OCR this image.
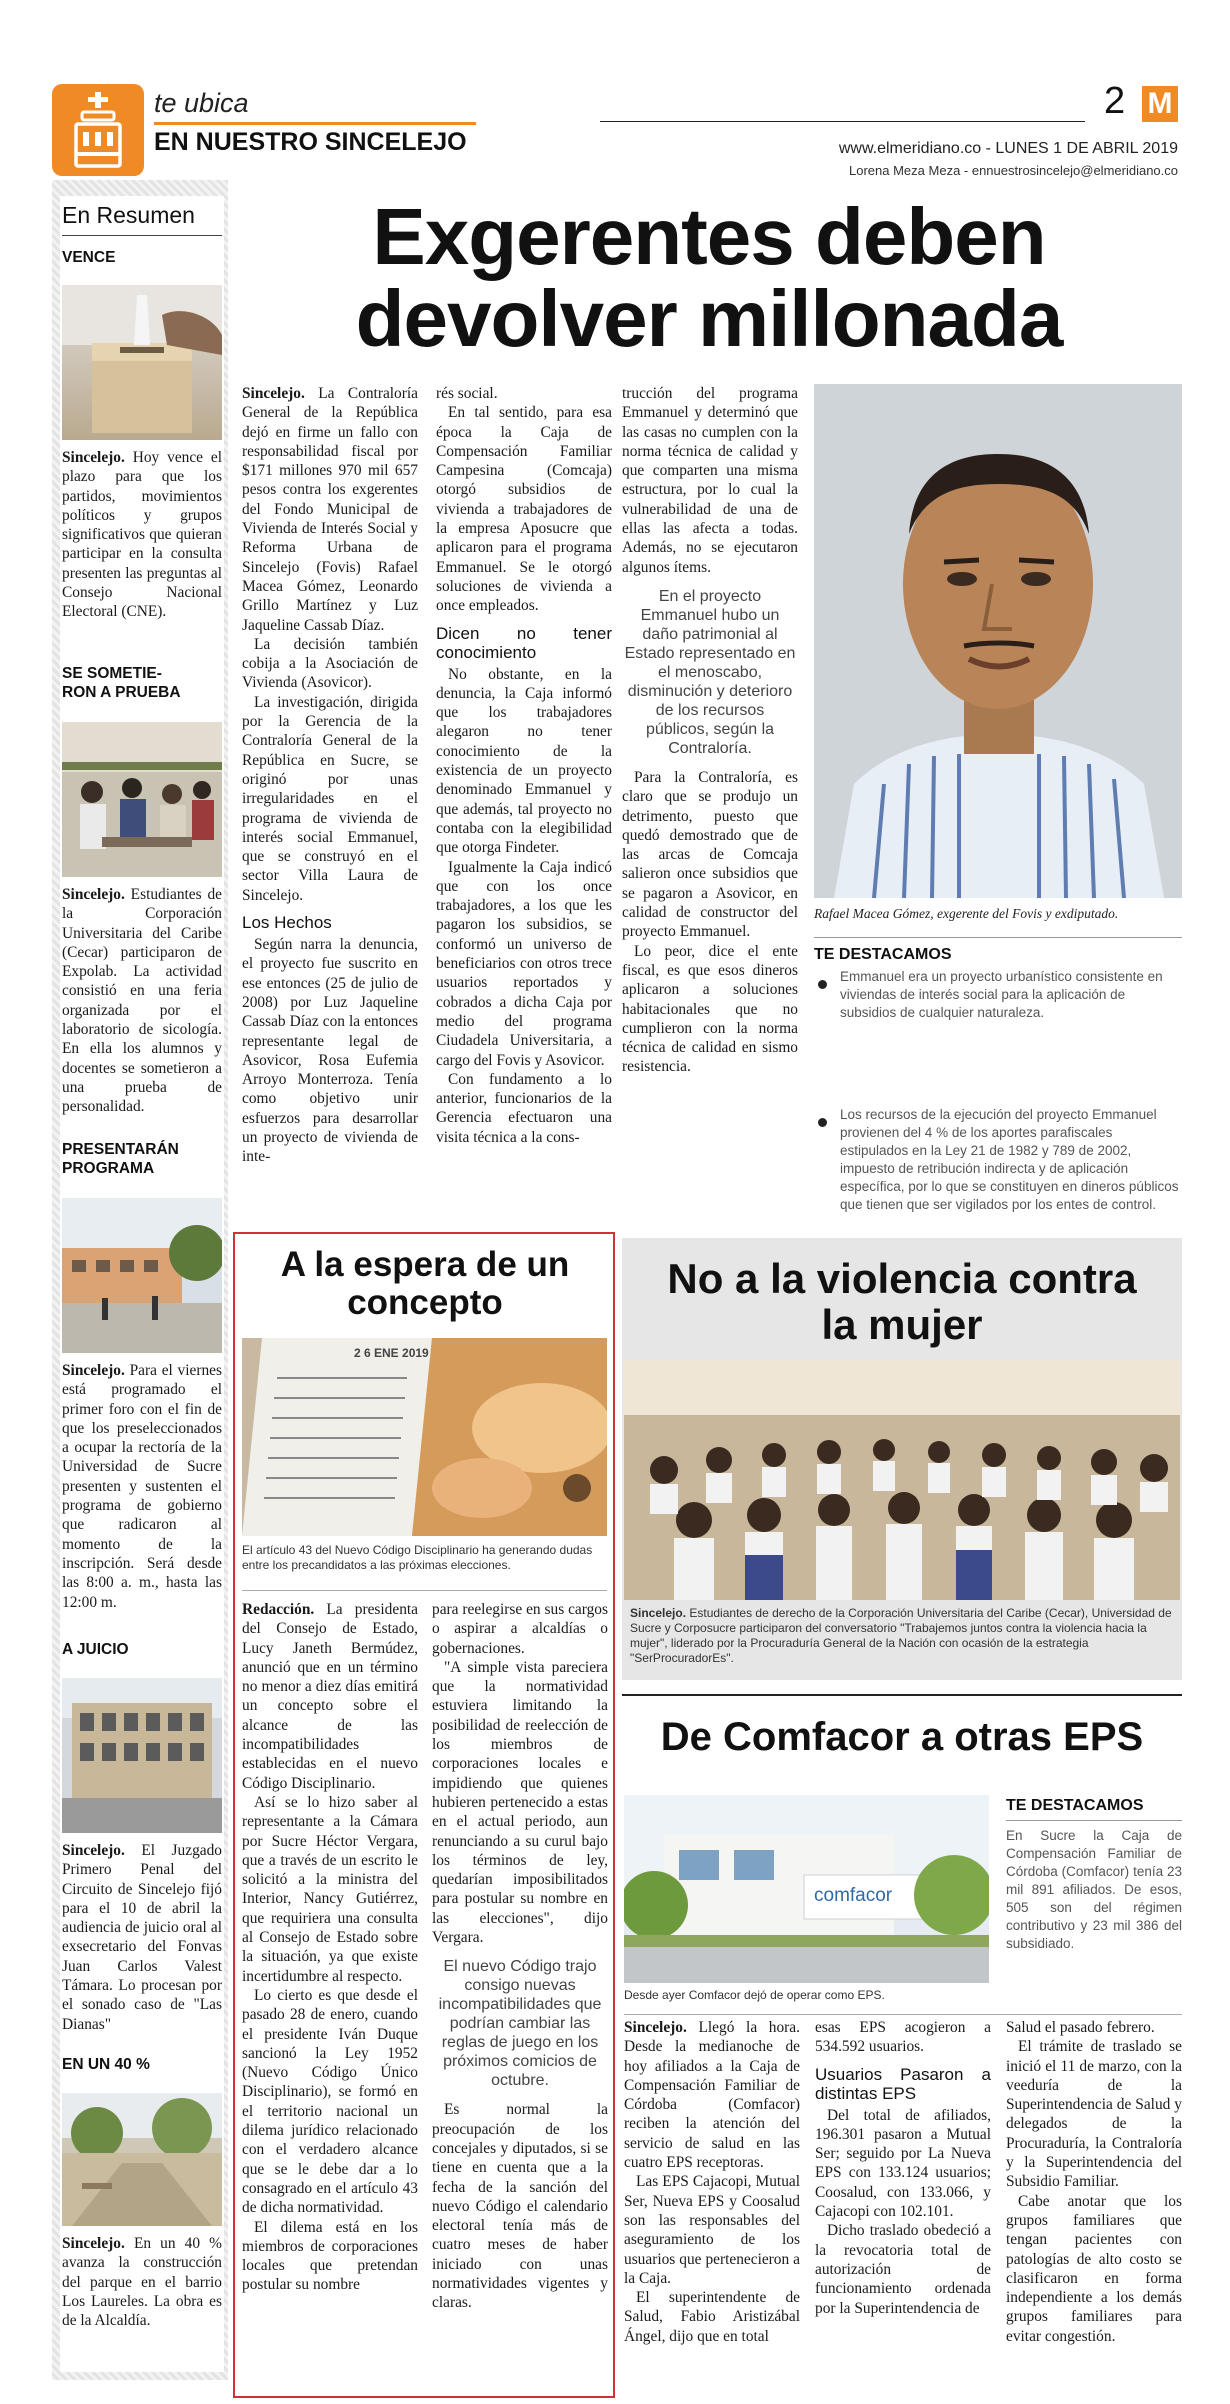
te ubica
EN NUESTRO SINCELEJO
2 M
www.elmeridiano.co - LUNES 1 DE ABRIL 2019
Lorena Meza Meza - ennuestrosincelejo@elmeridiano.co
En Resumen
VENCE
Sincelejo. Hoy vence el plazo para que los partidos, movimientos políticos y grupos significativos que quieran participar en la consulta presenten las preguntas al Consejo Nacional Electoral (CNE).
SE SOMETIE-
RON A PRUEBA
Sincelejo. Estudiantes de la Corporación Universitaria del Caribe (Cecar) participaron de Expolab. La actividad consistió en una feria organizada por el laboratorio de sicología. En ella los alumnos y docentes se sometieron a una prueba de personalidad.
PRESENTARÁN
PROGRAMA
Sincelejo. Para el viernes está programado el primer foro con el fin de que los preseleccionados a ocupar la rectoría de la Universidad de Sucre presenten y sustenten el programa de gobierno que radicaron al momento de la inscripción. Será desde las 8:00 a. m., hasta las 12:00 m.
A JUICIO
Sincelejo. El Juzgado Primero Penal del Circuito de Sincelejo fijó para el 10 de abril la audiencia de juicio oral al exsecretario del Fonvas Juan Carlos Valest Támara. Lo procesan por el sonado caso de "Las Dianas"
EN UN 40 %
Sincelejo. En un 40 % avanza la construcción del parque en el barrio Los Laureles. La obra es de la Alcaldía.
Exgerentes deben
devolver millonada

Sincelejo. La Contraloría General de la República dejó en firme un fallo con responsabilidad fiscal por $171 millones 970 mil 657 pesos contra los exgerentes del Fondo Municipal de Vivienda de Interés Social y Reforma Urbana de Sincelejo (Fovis) Rafael Macea Gómez, Leonardo Grillo Martínez y Luz Jaqueline Cassab Díaz.

La decisión también cobija a la Asociación de Vivienda (Asovicor).

La investigación, dirigida por la Gerencia de la Contraloría General de la República en Sucre, se originó por unas irregularidades en el programa de vivienda de interés social Emmanuel, que se construyó en el sector Villa Laura de Sincelejo.

Los Hechos

Según narra la denuncia, el proyecto fue suscrito en ese entonces (25 de julio de 2008) por Luz Jaqueline Cassab Díaz con la entonces representante legal de Asovicor, Rosa Eufemia Arroyo Monterroza. Tenía como objetivo unir esfuerzos para desarrollar un proyecto de vivienda de inte-

rés social.

En tal sentido, para esa época la Caja de Compensación Familiar Campesina (Comcaja) otorgó subsidios de vivienda a trabajadores de la empresa Aposucre que aplicaron para el programa Emmanuel. Se le otorgó soluciones de vivienda a once empleados.

Dicen no tener conocimiento

No obstante, en la denuncia, la Caja informó que los trabajadores alegaron no tener conocimiento de la existencia de un proyecto denominado Emmanuel y que además, tal proyecto no contaba con la elegibilidad que otorga Findeter.

Igualmente la Caja indicó que con los once trabajadores, a los que les pagaron los subsidios, se conformó un universo de beneficiarios con otros trece usuarios reportados y cobrados a dicha Caja por medio del programa Ciudadela Universitaria, a cargo del Fovis y Asovicor.

Con fundamento a lo anterior, funcionarios de la Gerencia efectuaron una visita técnica a la cons-

trucción del programa Emmanuel y determinó que las casas no cumplen con la norma técnica de calidad y que comparten una misma estructura, por lo cual la vulnerabilidad de una de ellas las afecta a todas. Además, no se ejecutaron algunos ítems.

En el proyecto Emmanuel hubo un daño patrimonial al Estado representado en el menoscabo, disminución y deterioro de los recursos públicos, según la Contraloría.

Para la Contraloría, es claro que se produjo un detrimento, puesto que quedó demostrado que de las arcas de Comcaja salieron once subsidios que se pagaron a Asovicor, en calidad de constructor del proyecto Emmanuel.

Lo peor, dice el ente fiscal, es que esos dineros aplicaron a soluciones habitacionales que no cumplieron con la norma técnica de calidad en sismo resistencia.

Rafael Macea Gómez, exgerente del Fovis y exdiputado.
TE DESTACAMOS
Emmanuel era un proyecto urbanístico consistente en viviendas de interés social para la aplicación de subsidios de cualquier naturaleza.
Los recursos de la ejecución del proyecto Emmanuel provienen del 4 % de los aportes parafiscales estipulados en la Ley 21 de 1982 y 789 de 2002, impuesto de retribución indirecta y de aplicación específica, por lo que se constituyen en dineros públicos que tienen que ser vigilados por los entes de control.
A la espera de un concepto
2 6 ENE 2019
El artículo 43 del Nuevo Código Disciplinario ha generando dudas entre los precandidatos a las próximas elecciones.

Redacción. La presidenta del Consejo de Estado, Lucy Janeth Bermúdez, anunció que en un término no menor a diez días emitirá un concepto sobre el alcance de las incompatibilidades establecidas en el nuevo Código Disciplinario.

Así se lo hizo saber al representante a la Cámara por Sucre Héctor Vergara, que a través de un escrito le solicitó a la ministra del Interior, Nancy Gutiérrez, que requiriera una consulta al Consejo de Estado sobre la situación, ya que existe incertidumbre al respecto.

Lo cierto es que desde el pasado 28 de enero, cuando el presidente Iván Duque sancionó la Ley 1952 (Nuevo Código Único Disciplinario), se formó en el territorio nacional un dilema jurídico relacionado con el verdadero alcance que se le debe dar a lo consagrado en el artículo 43 de dicha normatividad.

El dilema está en los miembros de corporaciones locales que pretendan postular su nombre

para reelegirse en sus cargos o aspirar a alcaldías o gobernaciones.

"A simple vista pareciera que la normatividad estuviera limitando la posibilidad de reelección de los miembros de corporaciones locales e impidiendo que quienes hubieren pertenecido a estas en el actual periodo, aun renunciando a su curul bajo los términos de ley, quedarían imposibilitados para postular su nombre en las elecciones", dijo Vergara.

El nuevo Código trajo consigo nuevas incompatibilidades que podrían cambiar las reglas de juego en los próximos comicios de octubre.

Es normal la preocupación de los concejales y diputados, si se tiene en cuenta que a la fecha de la sanción del nuevo Código el calendario electoral tenía más de cuatro meses de haber iniciado con unas normatividades vigentes y claras.

No a la violencia contra la mujer
Sincelejo. Estudiantes de derecho de la Corporación Universitaria del Caribe (Cecar), Universidad de Sucre y Corposucre participaron del conversatorio "Trabajemos juntos contra la violencia hacia la mujer", liderado por la Procuraduría General de la Nación con ocasión de la estrategia "SerProcuradorEs".
De Comfacor a otras EPS
comfacor
Desde ayer Comfacor dejó de operar como EPS.
TE DESTACAMOS
En Sucre la Caja de Compensación Familiar de Córdoba (Comfacor) tenía 23 mil 891 afiliados. De esos, 505 son del régimen contributivo y 23 mil 386 del subsidiado.

Sincelejo. Llegó la hora. Desde la medianoche de hoy afiliados a la Caja de Compensación Familiar de Córdoba (Comfacor) reciben la atención del servicio de salud en las cuatro EPS receptoras.

Las EPS Cajacopi, Mutual Ser, Nueva EPS y Coosalud son las responsables del aseguramiento de los usuarios que pertenecieron a la Caja.

El superintendente de Salud, Fabio Aristizábal Ángel, dijo que en total

esas EPS acogieron a 534.592 usuarios.

Usuarios Pasaron a distintas EPS

Del total de afiliados, 196.301 pasaron a Mutual Ser; seguido por La Nueva EPS con 133.124 usuarios; Coosalud, con 133.066, y Cajacopi con 102.101.

Dicho traslado obedeció a la revocatoria total de autorización de funcionamiento ordenada por la Superintendencia de

Salud el pasado febrero.

El trámite de traslado se inició el 11 de marzo, con la veeduría de la Superintendencia de Salud y delegados de la Procuraduría, la Contraloría y la Superintendencia del Subsidio Familiar.

Cabe anotar que los grupos familiares que tengan pacientes con patologías de alto costo se clasificaron en forma independiente a los demás grupos familiares para evitar congestión.
